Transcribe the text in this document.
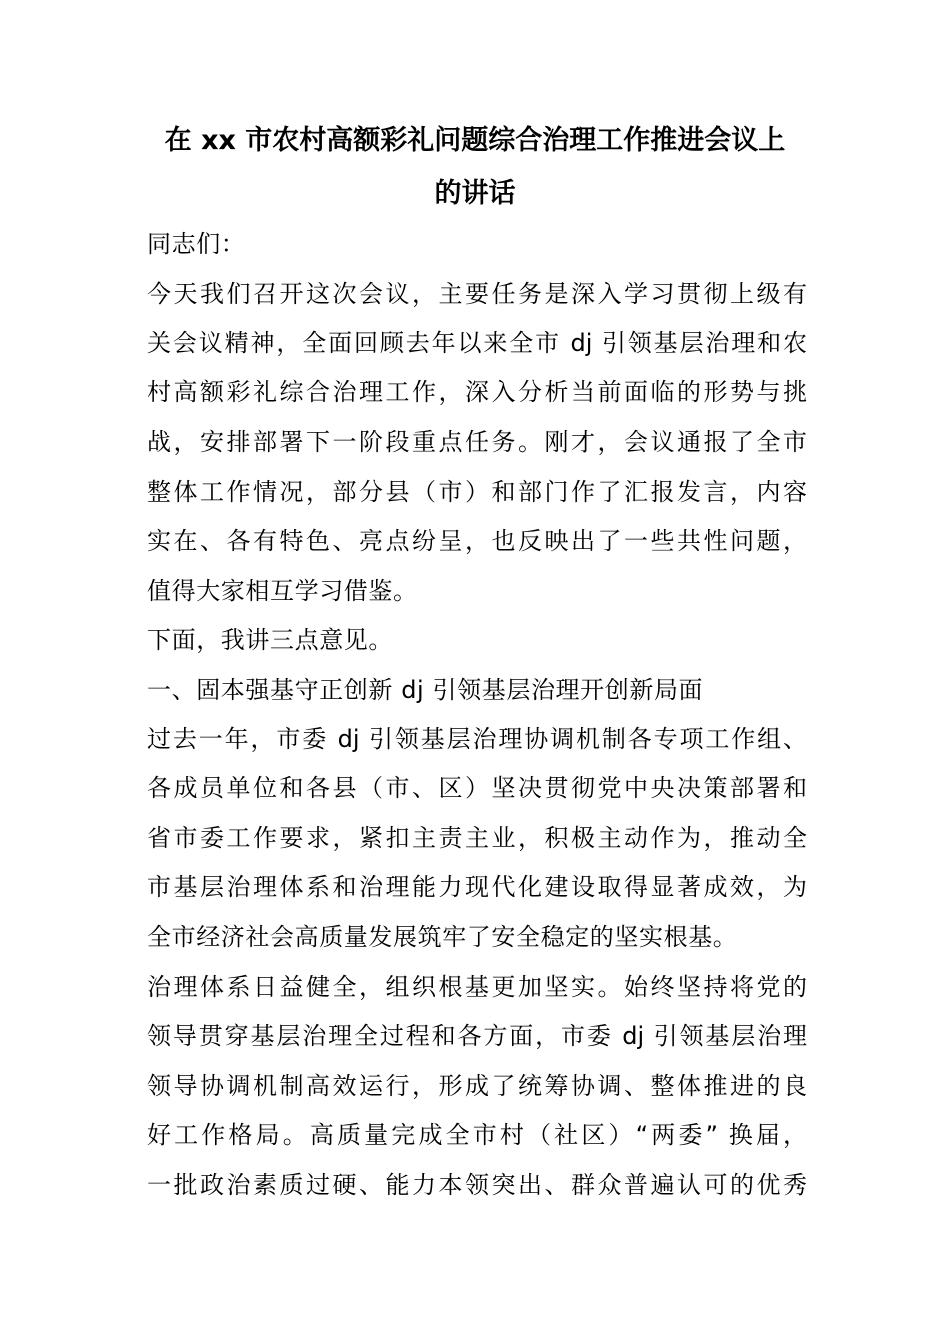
在 xx 市农村高额彩礼问题综合治理工作推进会议上
的讲话
同志们：
今天我们召开这次会议，主要任务是深入学习贯彻上级有
关会议精神，全面回顾去年以来全市 dj 引领基层治理和农
村高额彩礼综合治理工作，深入分析当前面临的形势与挑
战，安排部署下一阶段重点任务。刚才，会议通报了全市
整体工作情况，部分县（市）和部门作了汇报发言，内容
实在、各有特色、亮点纷呈，也反映出了一些共性问题，
值得大家相互学习借鉴。
下面，我讲三点意见。
一、固本强基守正创新 dj 引领基层治理开创新局面
过去一年，市委 dj 引领基层治理协调机制各专项工作组、
各成员单位和各县（市、区）坚决贯彻党中央决策部署和
省市委工作要求，紧扣主责主业，积极主动作为，推动全
市基层治理体系和治理能力现代化建设取得显著成效，为
全市经济社会高质量发展筑牢了安全稳定的坚实根基。
治理体系日益健全，组织根基更加坚实。始终坚持将党的
领导贯穿基层治理全过程和各方面，市委 dj 引领基层治理
领导协调机制高效运行，形成了统筹协调、整体推进的良
好工作格局。高质量完成全市村（社区）“两委” 换届，
一批政治素质过硬、能力本领突出、群众普遍认可的优秀
